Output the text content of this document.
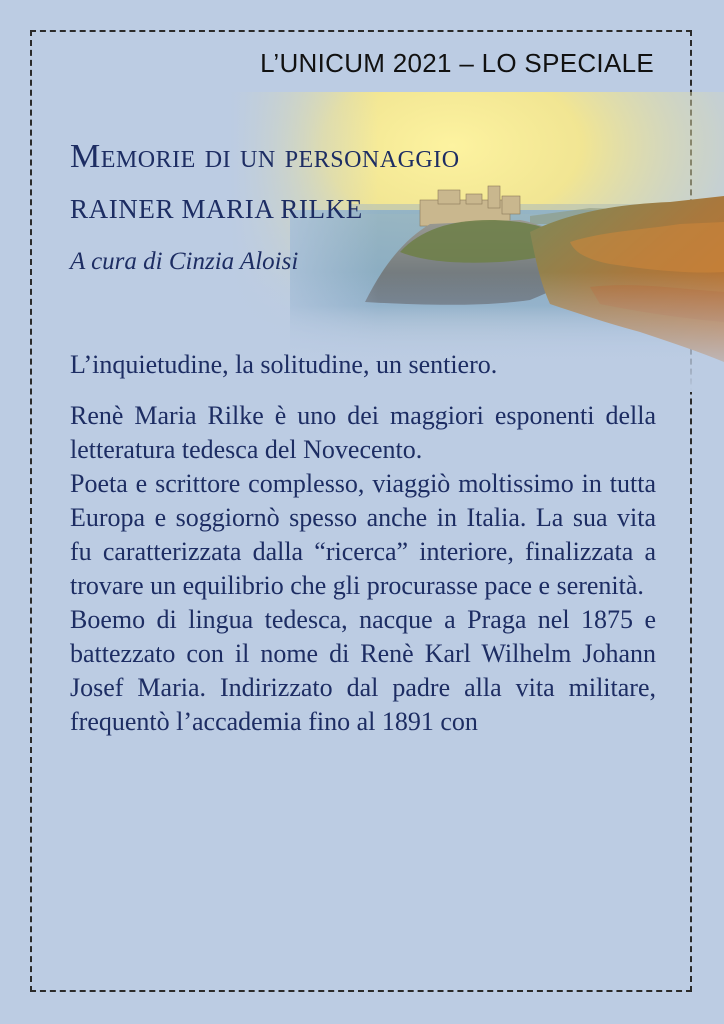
L’UNICUM 2021 – LO SPECIALE
Memorie di un personaggio
RAINER MARIA RILKE
A cura di Cinzia Aloisi
L’inquietudine, la solitudine, un sentiero.

Renè Maria Rilke è uno dei maggiori esponenti della letteratura tedesca del Novecento.

Poeta e scrittore complesso, viaggiò moltissimo in tutta Europa e soggiornò spesso anche in Italia. La sua vita fu caratterizzata dalla “ricerca” interiore, finalizzata a trovare un equilibrio che gli procurasse pace e serenità.

Boemo di lingua tedesca, nacque a Praga nel 1875 e battezzato con il nome di Renè Karl Wilhelm Johann Josef Maria. Indirizzato dal padre alla vita militare, frequentò l’accademia fino al 1891 con
